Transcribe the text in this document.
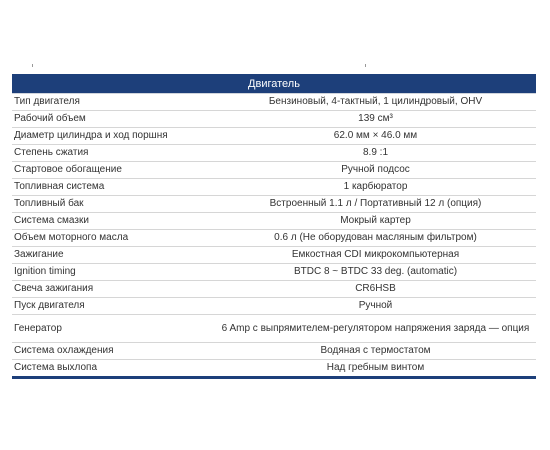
Двигатель	
Тип двигателя	Бензиновый, 4-тактный, 1 цилиндровый, OHV
Рабочий объем	139 см³
Диаметр цилиндра и ход поршня	62.0 мм × 46.0 мм
Степень сжатия	8.9 :1
Стартовое обогащение	Ручной подсос
Топливная система	1 карбюратор
Топливный бак	Встроенный 1.1 л / Портативный 12 л (опция)
Система смазки	Мокрый картер
Объем моторного масла	0.6 л (Не оборудован масляным фильтром)
Зажигание	Емкостная CDI микрокомпьютерная
Ignition timing	BTDC 8 ~ BTDC 33 deg. (automatic)
Свеча зажигания	CR6HSB
Пуск двигателя	Ручной
Генератор	6 Amp с выпрямителем-регулятором напряжения заряда — опция
Система охлаждения	Водяная с термостатом
Система выхлопа	Над гребным винтом
